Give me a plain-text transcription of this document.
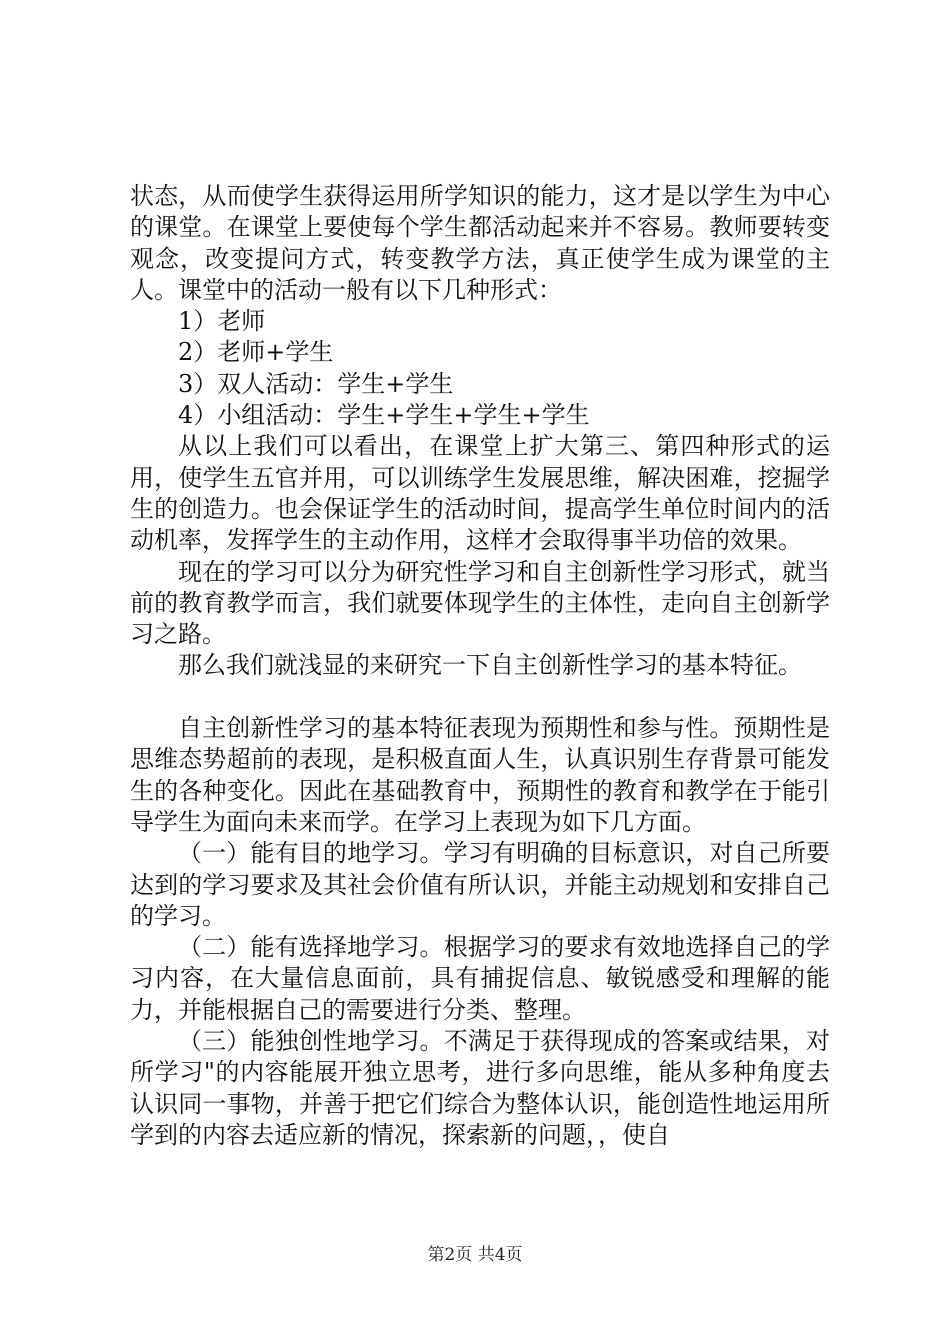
状态，从而使学生获得运用所学知识的能力，这才是以学生为中心的课堂。在课堂上要使每个学生都活动起来并不容易。教师要转变观念，改变提问方式，转变教学方法，真正使学生成为课堂的主人。课堂中的活动一般有以下几种形式：

1）老师

2）老师+学生

3）双人活动：学生+学生

4）小组活动：学生+学生+学生+学生

从以上我们可以看出，在课堂上扩大第三、第四种形式的运用，使学生五官并用，可以训练学生发展思维，解决困难，挖掘学生的创造力。也会保证学生的活动时间，提高学生单位时间内的活动机率，发挥学生的主动作用，这样才会取得事半功倍的效果。

现在的学习可以分为研究性学习和自主创新性学习形式，就当前的教育教学而言，我们就要体现学生的主体性，走向自主创新学习之路。

那么我们就浅显的来研究一下自主创新性学习的基本特征。

自主创新性学习的基本特征表现为预期性和参与性。预期性是思维态势超前的表现，是积极直面人生，认真识别生存背景可能发生的各种变化。因此在基础教育中，预期性的教育和教学在于能引导学生为面向未来而学。在学习上表现为如下几方面。

（一）能有目的地学习。学习有明确的目标意识，对自己所要达到的学习要求及其社会价值有所认识，并能主动规划和安排自己的学习。

（二）能有选择地学习。根据学习的要求有效地选择自己的学习内容，在大量信息面前，具有捕捉信息、敏锐感受和理解的能力，并能根据自己的需要进行分类、整理。

（三）能独创性地学习。不满足于获得现成的答案或结果，对所学习"的内容能展开独立思考，进行多向思维，能从多种角度去认识同一事物，并善于把它们综合为整体认识，能创造性地运用所学到的内容去适应新的情况，探索新的问题，，使自

第2页 共4页
